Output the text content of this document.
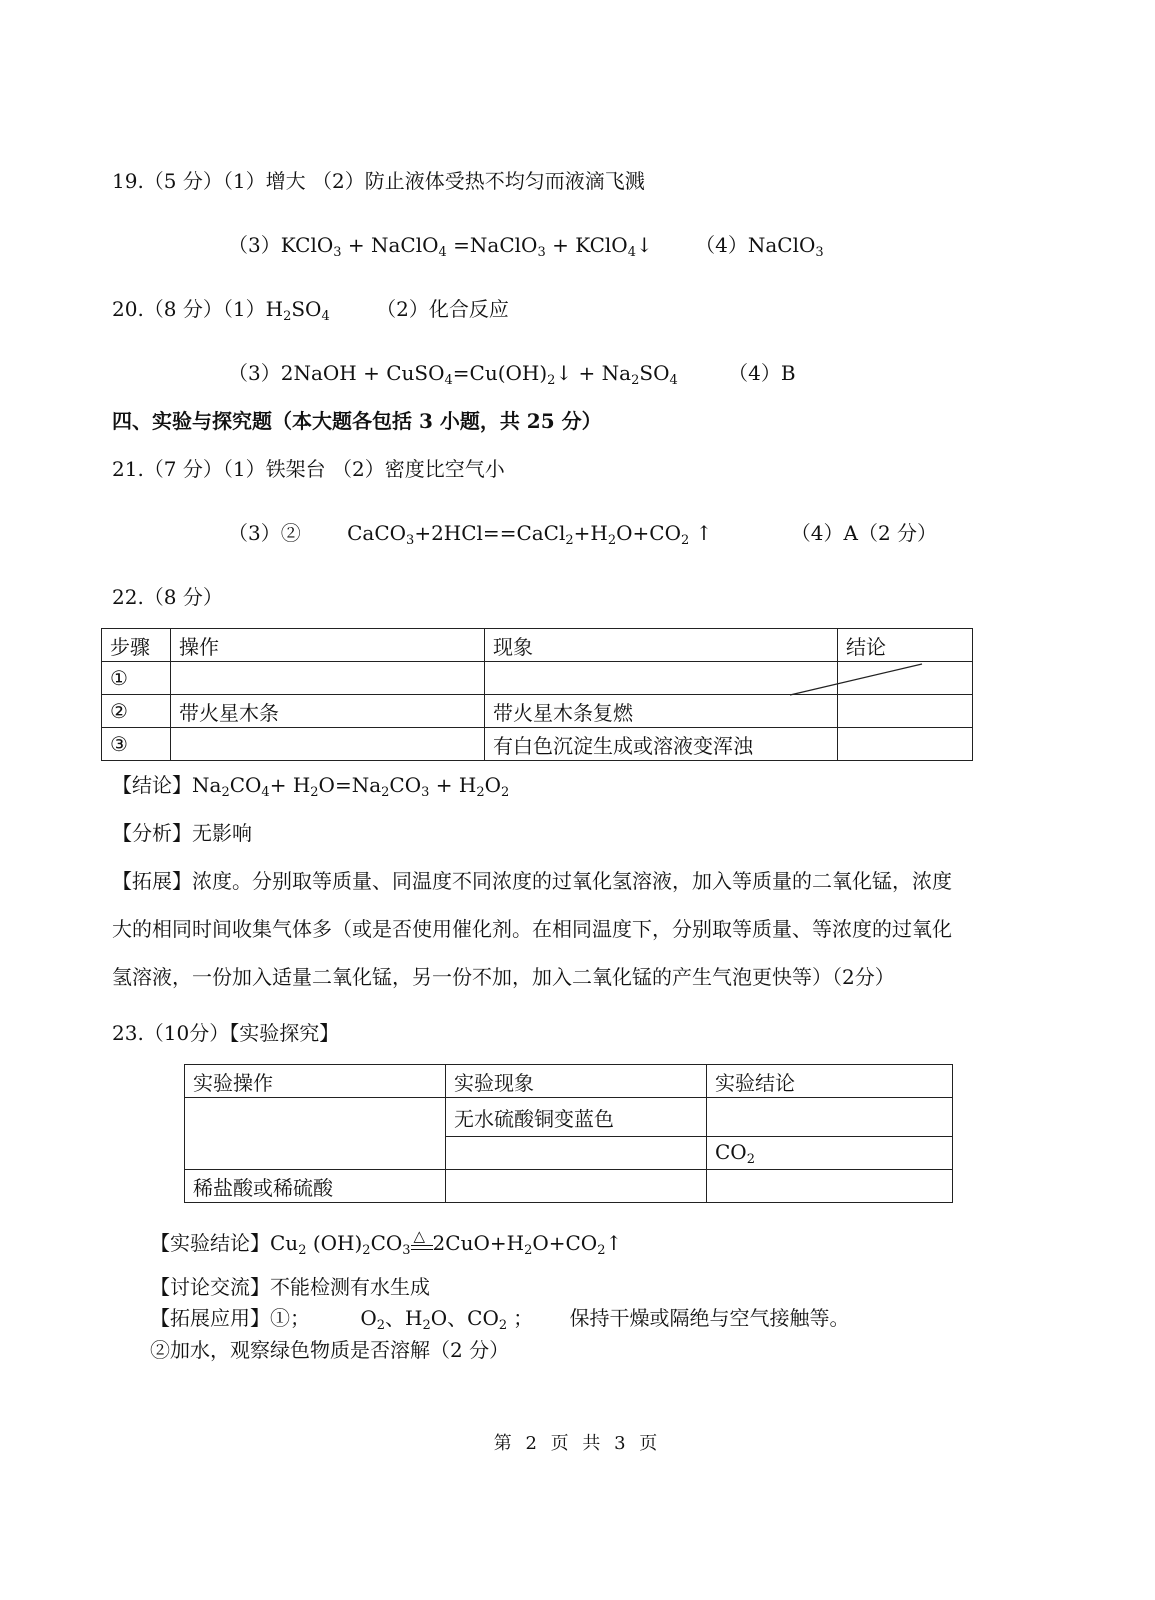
19.（5 分）（1）增大 （2）防止液体受热不均匀而液滴飞溅
（3）KClO$_3$ + NaClO$_4$ =NaClO$_3$ + KClO$_4$↓ （4）NaClO$_3$
20.（8 分）$(1)H_2SO_4$ （2）化合反应
（3）2NaOH + $CuSO_4=Cu(OH)_2↓ + Na_2SO_4$	（4）B
四、实验与探究题（本大题各包括 3 小题，共 25 分）
21.（7 分）（1）铁架台 （2）密度比空气小
（3）② $CaCO_3+2HCl==CaCl_2+H_2O+CO_2$ ↑	（4）A（2 分）
22.（8 分）
步骤	操作	现象	结论
①			

②	带火星木条	带火星木条复燃	
③		有白色沉淀生成或溶液变浑浊	
【结论】$Na_2CO_4+ H_2O=Na_2CO_3 + H_2O_2$
【分析】无影响
【拓展】浓度。分别取等质量、同温度不同浓度的过氧化氢溶液，加入等质量的二氧化锰，浓度
大的相同时间收集气体多（或是否使用催化剂。在相同温度下，分别取等质量、等浓度的过氧化
氢溶液，一份加入适量二氧化锰，另一份不加，加入二氧化锰的产生气泡更快等）（2分）
23.（10分）【实验探究】
实验操作	实验现象	实验结论
	无水硫酸铜变蓝色	
		$CO_2$
稀盐酸或稀硫酸		
【实验结论】$Cu_2$ $(OH)_2CO_3$
△ $2CuO+H_2O+CO_2↑$
【讨论交流】不能检测有水生成
【拓展应用】①；	$O_2$、$H_2O$、$CO_2$ ； 保持干燥或隔绝与空气接触等。
②加水，观察绿色物质是否溶解（2 分）
第 2 页 共 3 页
